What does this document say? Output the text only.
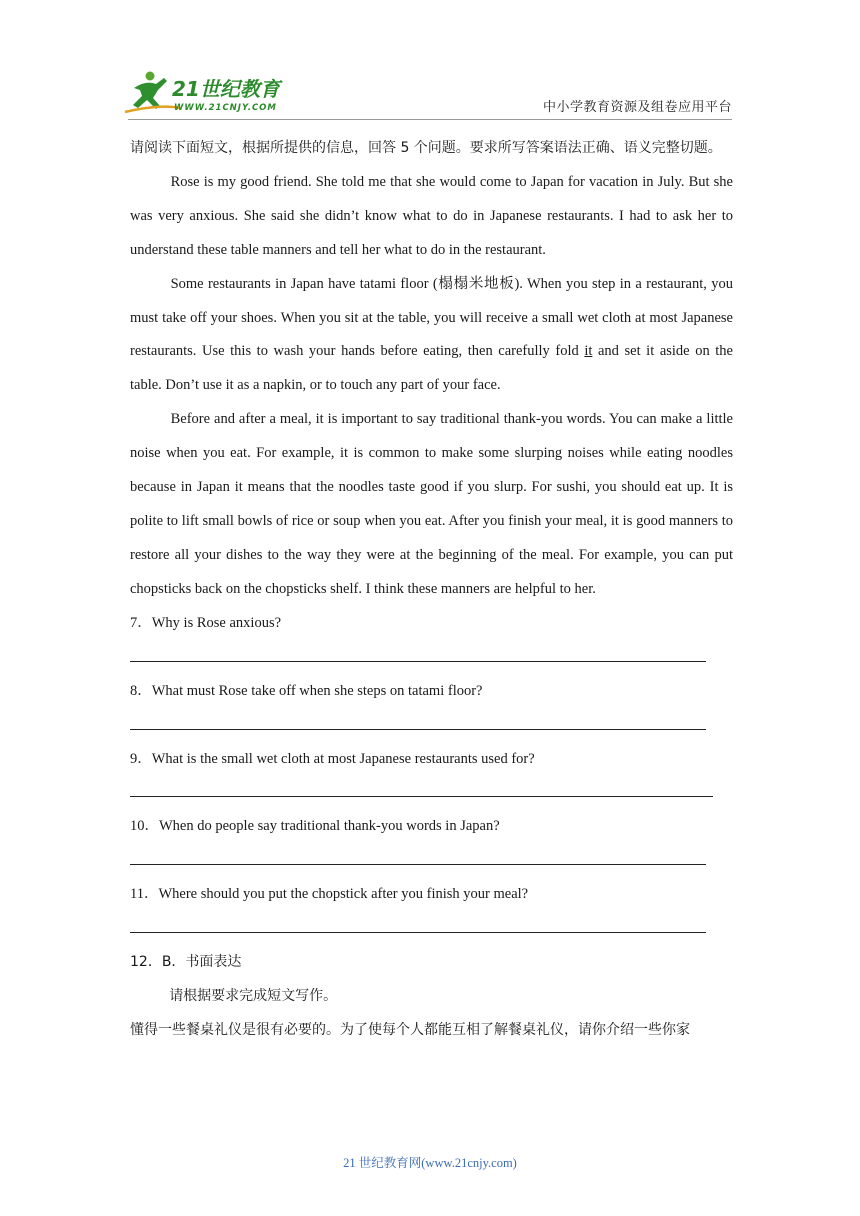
21世纪教育
WWW.21CNJY.COM	中小学教育资源及组卷应用平台

请阅读下面短文，根据所提供的信息，回答 5 个问题。要求所写答案语法正确、语义完整切题。

Rose is my good friend. She told me that she would come to Japan for vacation in July. But she was very anxious. She said she didn’t know what to do in Japanese restaurants. I had to ask her to understand these table manners and tell her what to do in the restaurant.

Some restaurants in Japan have tatami floor (榻榻米地板). When you step in a restaurant, you must take off your shoes. When you sit at the table, you will receive a small wet cloth at most Japanese restaurants. Use this to wash your hands before eating, then carefully fold it and set it aside on the table. Don’t use it as a napkin, or to touch any part of your face.

Before and after a meal, it is important to say traditional thank-you words. You can make a little noise when you eat. For example, it is common to make some slurping noises while eating noodles because in Japan it means that the noodles taste good if you slurp. For sushi, you should eat up. It is polite to lift small bowls of rice or soup when you eat. After you finish your meal, it is good manners to restore all your dishes to the way they were at the beginning of the meal. For example, you can put chopsticks back on the chopsticks shelf. I think these manners are helpful to her.

7．Why is Rose anxious?

8．What must Rose take off when she steps on tatami floor?

9．What is the small wet cloth at most Japanese restaurants used for?

10．When do people say traditional thank-you words in Japan?

11．Where should you put the chopstick after you finish your meal?

12．B．书面表达

请根据要求完成短文写作。

懂得一些餐桌礼仪是很有必要的。为了使每个人都能互相了解餐桌礼仪，请你介绍一些你家

21 世纪教育网(www.21cnjy.com)
